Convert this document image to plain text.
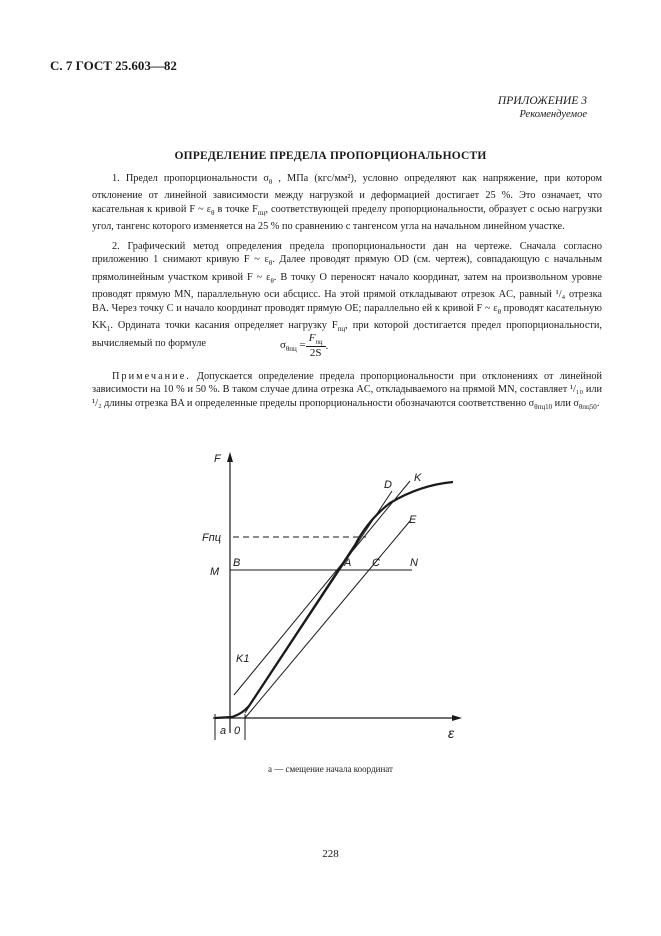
С. 7 ГОСТ 25.603—82
ПРИЛОЖЕНИЕ 3
Рекомендуемое
ОПРЕДЕЛЕНИЕ ПРЕДЕЛА ПРОПОРЦИОНАЛЬНОСТИ

1. Предел пропорциональности $\sigma_\theta$ , МПа (кгс/мм²), условно определяют как напряжение, при котором отклонение от линейной зависимости между нагрузкой и деформацией достигает 25 %. Это означает, что касательная к кривой F ~ $\varepsilon_\theta$ в точке $F_{пц}$, соответствующей пределу пропорциональности, образует с осью нагрузки угол, тангенс которого изменяется на 25 % по сравнению с тангенсом угла на начальном линейном участке.

2. Графический метод определения предела пропорциональности дан на чертеже. Сначала согласно приложению 1 снимают кривую F ~ $\varepsilon_\theta$. Далее проводят прямую OD (см. чертеж), совпадающую с начальным прямолинейным участком кривой F ~ $\varepsilon_\theta$. В точку O переносят начало координат, затем на произвольном уровне проводят прямую MN, параллельную оси абсцисс. На этой прямой откладывают отрезок AC, равный ¹/₄ отрезка BA. Через точку C и начало координат проводят прямую OE; параллельно ей к кривой F ~ $\varepsilon_\theta$ проводят касательную $KK_1$. Ордината точки касания определяет нагрузку $F_{пц}$, при которой достигается предел пропорциональности, вычисляемый по формуле	$\sigma_{\theta пц}$ =	$F_{пц}$	.
2S

Примечание. Допускается определение предела пропорциональности при отклонениях от линейной зависимости на 10 % и 50 %. В таком случае длина отрезка AC, откладываемого на прямой MN, составляет ¹/₁₀ или ¹/₂ длины отрезка BA и определенные пределы пропорциональности обозначаются соответственно $\sigma_{\theta пц10}$ или $\sigma_{\theta пц50}$.

F
Fпц
M
B	A C	N
D
K
E
K1
a 0	ε
a — смещение начала координат
228
